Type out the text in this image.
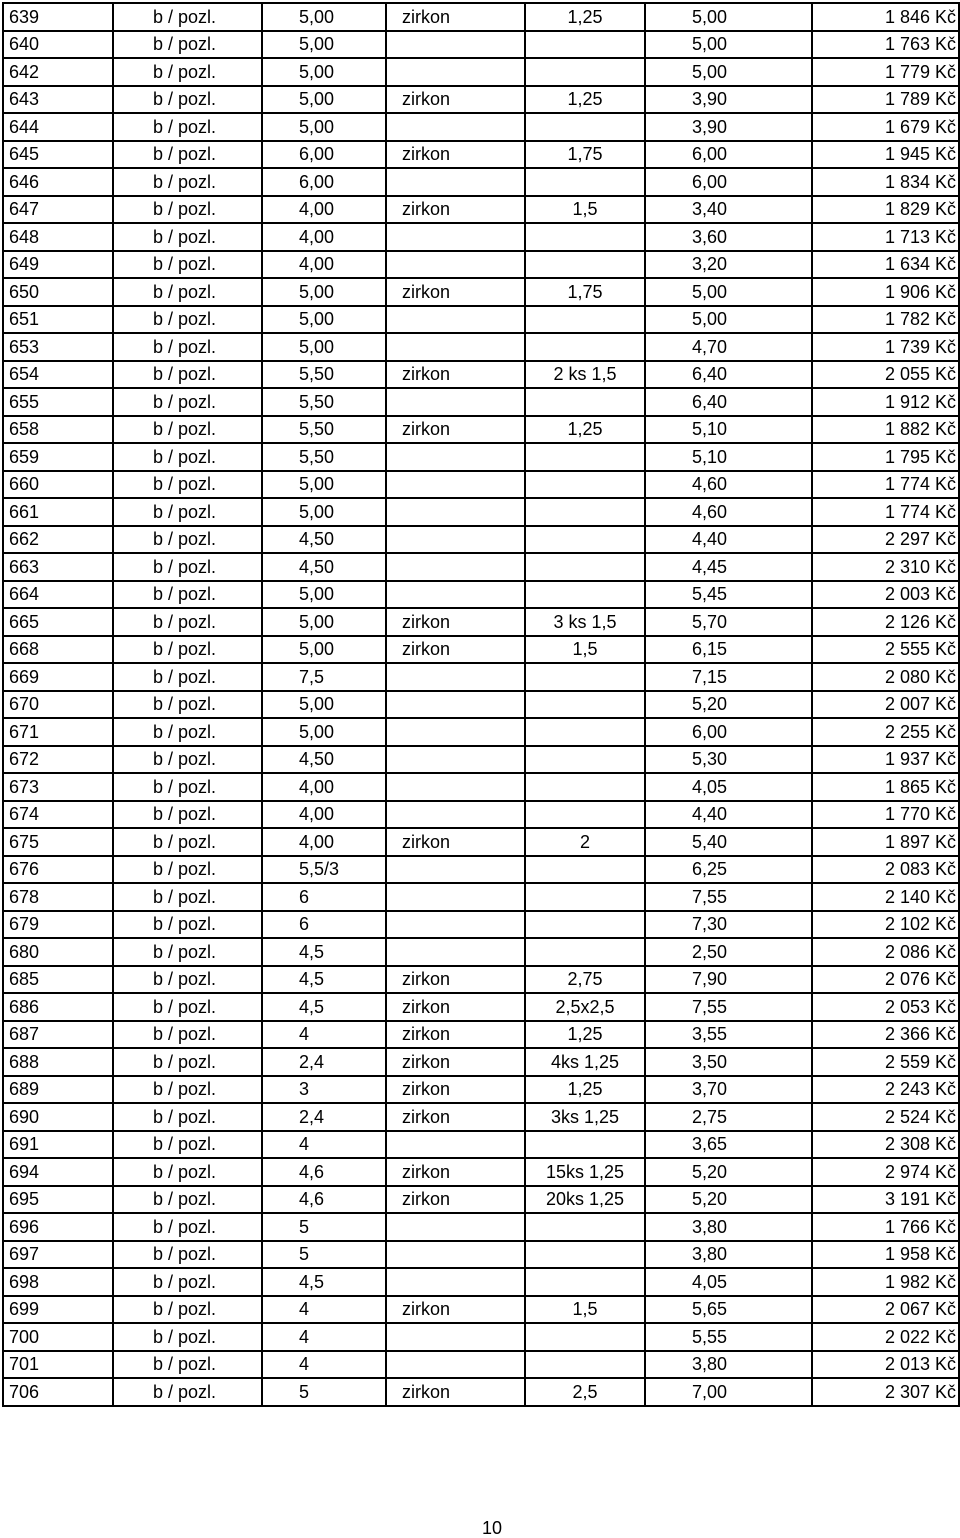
639	b / pozl.	5,00	zirkon	1,25	5,00	1 846 Kč
640	b / pozl.	5,00			5,00	1 763 Kč
642	b / pozl.	5,00			5,00	1 779 Kč
643	b / pozl.	5,00	zirkon	1,25	3,90	1 789 Kč
644	b / pozl.	5,00			3,90	1 679 Kč
645	b / pozl.	6,00	zirkon	1,75	6,00	1 945 Kč
646	b / pozl.	6,00			6,00	1 834 Kč
647	b / pozl.	4,00	zirkon	1,5	3,40	1 829 Kč
648	b / pozl.	4,00			3,60	1 713 Kč
649	b / pozl.	4,00			3,20	1 634 Kč
650	b / pozl.	5,00	zirkon	1,75	5,00	1 906 Kč
651	b / pozl.	5,00			5,00	1 782 Kč
653	b / pozl.	5,00			4,70	1 739 Kč
654	b / pozl.	5,50	zirkon	2 ks 1,5	6,40	2 055 Kč
655	b / pozl.	5,50			6,40	1 912 Kč
658	b / pozl.	5,50	zirkon	1,25	5,10	1 882 Kč
659	b / pozl.	5,50			5,10	1 795 Kč
660	b / pozl.	5,00			4,60	1 774 Kč
661	b / pozl.	5,00			4,60	1 774 Kč
662	b / pozl.	4,50			4,40	2 297 Kč
663	b / pozl.	4,50			4,45	2 310 Kč
664	b / pozl.	5,00			5,45	2 003 Kč
665	b / pozl.	5,00	zirkon	3 ks 1,5	5,70	2 126 Kč
668	b / pozl.	5,00	zirkon	1,5	6,15	2 555 Kč
669	b / pozl.	7,5			7,15	2 080 Kč
670	b / pozl.	5,00			5,20	2 007 Kč
671	b / pozl.	5,00			6,00	2 255 Kč
672	b / pozl.	4,50			5,30	1 937 Kč
673	b / pozl.	4,00			4,05	1 865 Kč
674	b / pozl.	4,00			4,40	1 770 Kč
675	b / pozl.	4,00	zirkon	2	5,40	1 897 Kč
676	b / pozl.	5,5/3			6,25	2 083 Kč
678	b / pozl.	6			7,55	2 140 Kč
679	b / pozl.	6			7,30	2 102 Kč
680	b / pozl.	4,5			2,50	2 086 Kč
685	b / pozl.	4,5	zirkon	2,75	7,90	2 076 Kč
686	b / pozl.	4,5	zirkon	2,5x2,5	7,55	2 053 Kč
687	b / pozl.	4	zirkon	1,25	3,55	2 366 Kč
688	b / pozl.	2,4	zirkon	4ks 1,25	3,50	2 559 Kč
689	b / pozl.	3	zirkon	1,25	3,70	2 243 Kč
690	b / pozl.	2,4	zirkon	3ks 1,25	2,75	2 524 Kč
691	b / pozl.	4			3,65	2 308 Kč
694	b / pozl.	4,6	zirkon	15ks 1,25	5,20	2 974 Kč
695	b / pozl.	4,6	zirkon	20ks 1,25	5,20	3 191 Kč
696	b / pozl.	5			3,80	1 766 Kč
697	b / pozl.	5			3,80	1 958 Kč
698	b / pozl.	4,5			4,05	1 982 Kč
699	b / pozl.	4	zirkon	1,5	5,65	2 067 Kč
700	b / pozl.	4			5,55	2 022 Kč
701	b / pozl.	4			3,80	2 013 Kč
706	b / pozl.	5	zirkon	2,5	7,00	2 307 Kč
10
